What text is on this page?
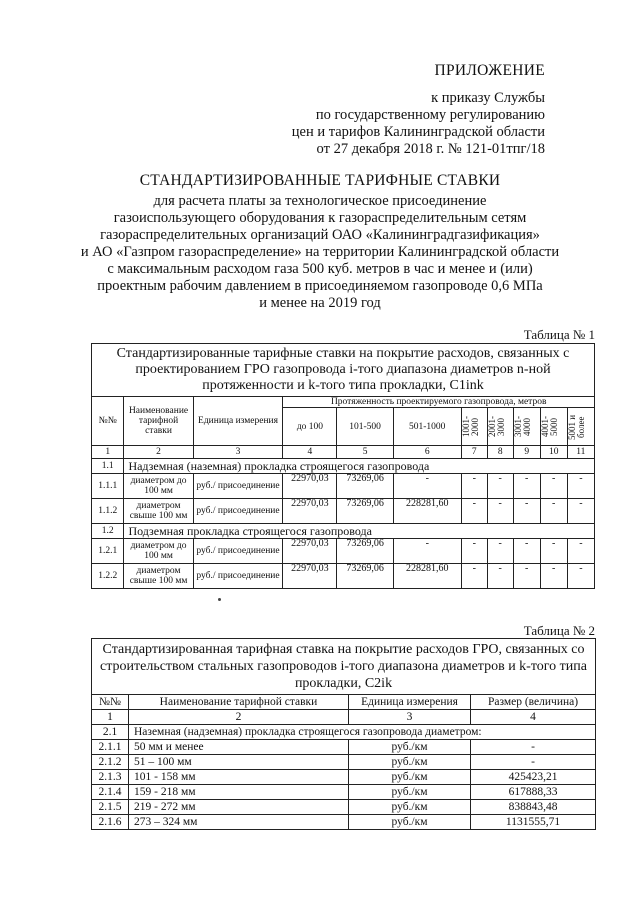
ПРИЛОЖЕНИЕ
к приказу Службы
по государственному регулированию
цен и тарифов Калининградской области
от 27 декабря 2018 г. № 121-01тпг/18
СТАНДАРТИЗИРОВАННЫЕ ТАРИФНЫЕ СТАВКИ
для расчета платы за технологическое присоединение
газоиспользующего оборудования к газораспределительным сетям
газораспределительных организаций ОАО «Калининградгазификация»
и АО «Газпром газораспределение» на территории Калининградской области
с максимальным расходом газа 500 куб. метров в час и менее и (или)
проектным рабочим давлением в присоединяемом газопроводе 0,6 МПа
и менее на 2019 год
Таблица № 1
Стандартизированные тарифные ставки на покрытие расходов, связанных с проектированием ГРО газопровода i-того диапазона диаметров n-ной протяженности и k-того типа прокладки, C1ink										
№№	Наименование тарифной ставки	Единица измерения	Протяженность проектируемого газопровода, метров							
			до 100	101-500	501-1000	1001-2000	2001-3000	3001-4000	4001-5000	5001 и более

1	2	3	4	5	6	7	8	9	10	11
1.1	Надземная (наземная) прокладка строящегося газопровода									
1.1.1	диаметром до 100 мм	руб./ присоединение	22970,03	73269,06	-	-	-	-	-	-
1.1.2	диаметром свыше 100 мм	руб./ присоединение	22970,03	73269,06	228281,60	-	-	-	-	-
1.2	Подземная прокладка строящегося газопровода									
1.2.1	диаметром до 100 мм	руб./ присоединение	22970,03	73269,06	-	-	-	-	-	-
1.2.2	диаметром свыше 100 мм	руб./ присоединение	22970,03	73269,06	228281,60	-	-	-	-	-
Таблица № 2
Стандартизированная тарифная ставка на покрытие расходов ГРО, связанных со строительством стальных газопроводов i-того диапазона диаметров и k-того типа прокладки, C2ik			
№№	Наименование тарифной ставки	Единица измерения	Размер (величина)
1	2	3	4
2.1	Наземная (надземная) прокладка строящегося газопровода диаметром:		
2.1.1	50 мм и менее	руб./км	-
2.1.2	51 – 100 мм	руб./км	-
2.1.3	101 - 158 мм	руб./км	425423,21
2.1.4	159 - 218 мм	руб./км	617888,33
2.1.5	219 - 272 мм	руб./км	838843,48
2.1.6	273 – 324 мм	руб./км	1131555,71
